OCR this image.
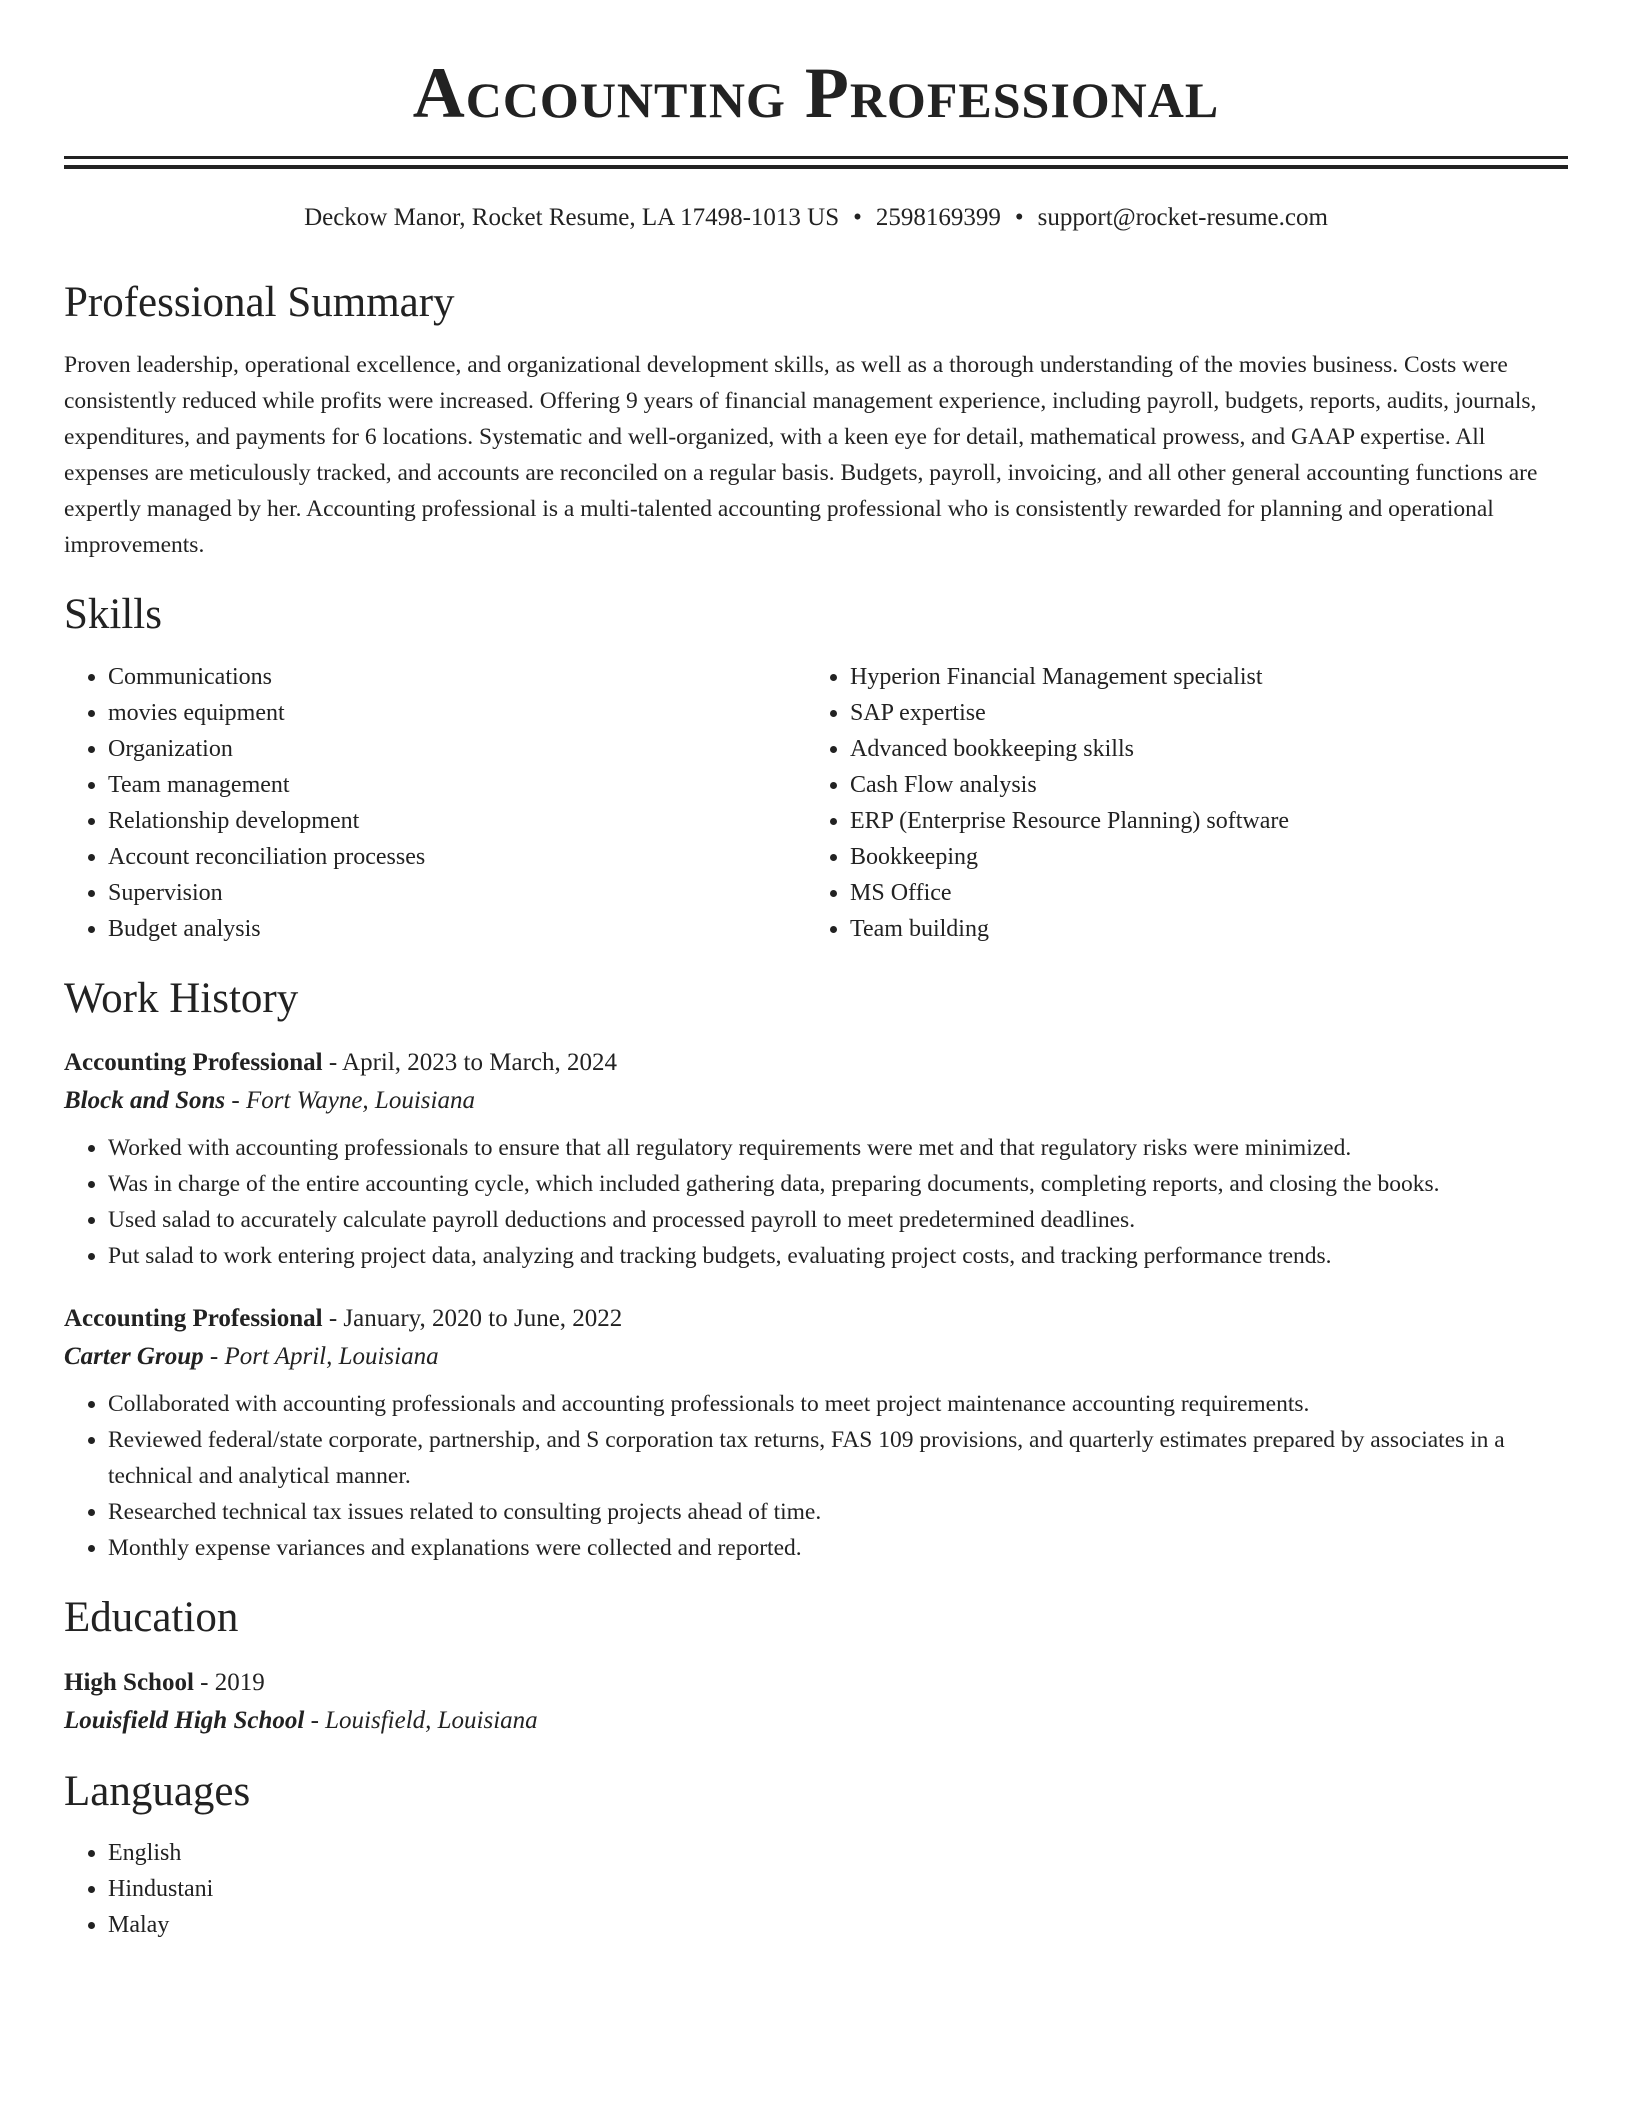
Accounting Professional
Deckow Manor, Rocket Resume, LA 17498-1013 US • 2598169399 • support@rocket-resume.com
Professional Summary

Proven leadership, operational excellence, and organizational development skills, as well as a thorough understanding of the movies business. Costs were consistently reduced while profits were increased. Offering 9 years of financial management experience, including payroll, budgets, reports, audits, journals, expenditures, and payments for 6 locations. Systematic and well-organized, with a keen eye for detail, mathematical prowess, and GAAP expertise. All expenses are meticulously tracked, and accounts are reconciled on a regular basis. Budgets, payroll, invoicing, and all other general accounting functions are expertly managed by her. Accounting professional is a multi-talented accounting professional who is consistently rewarded for planning and operational improvements.

Skills
• Communications
• movies equipment
• Organization
• Team management
• Relationship development
• Account reconciliation processes
• Supervision
• Budget analysis
• Hyperion Financial Management specialist
• SAP expertise
• Advanced bookkeeping skills
• Cash Flow analysis
• ERP (Enterprise Resource Planning) software
• Bookkeeping
• MS Office
• Team building
Work History
Accounting Professional - April, 2023 to March, 2024
Block and Sons - Fort Wayne, Louisiana
• Worked with accounting professionals to ensure that all regulatory requirements were met and that regulatory risks were minimized.
• Was in charge of the entire accounting cycle, which included gathering data, preparing documents, completing reports, and closing the books.
• Used salad to accurately calculate payroll deductions and processed payroll to meet predetermined deadlines.
• Put salad to work entering project data, analyzing and tracking budgets, evaluating project costs, and tracking performance trends.
Accounting Professional - January, 2020 to June, 2022
Carter Group - Port April, Louisiana
• Collaborated with accounting professionals and accounting professionals to meet project maintenance accounting requirements.
• Reviewed federal/state corporate, partnership, and S corporation tax returns, FAS 109 provisions, and quarterly estimates prepared by associates in a technical and analytical manner.
• Researched technical tax issues related to consulting projects ahead of time.
• Monthly expense variances and explanations were collected and reported.
Education
High School - 2019
Louisfield High School - Louisfield, Louisiana
Languages
• English
• Hindustani
• Malay
